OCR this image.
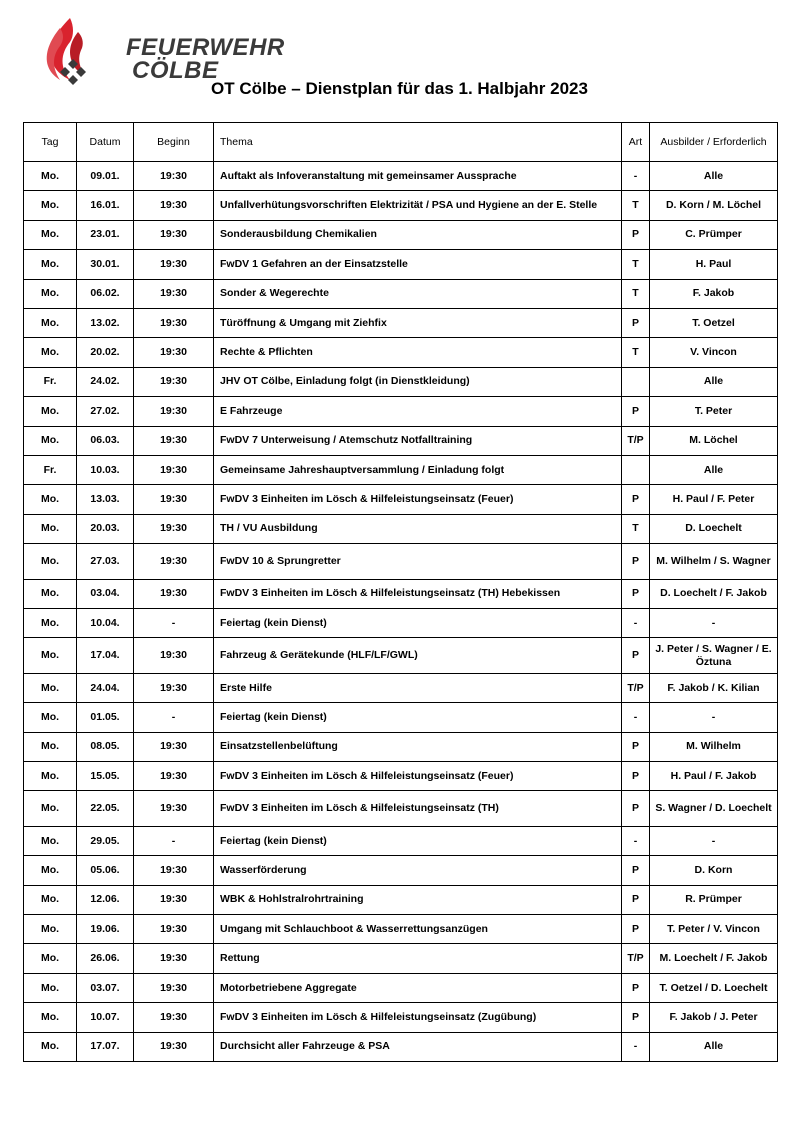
FEUERWEHR
CÖLBE
OT Cölbe – Dienstplan für das 1. Halbjahr 2023
Tag	Datum	Beginn	Thema	Art	Ausbilder / Erforderlich
Mo.	09.01.	19:30	Auftakt als Infoveranstaltung mit gemeinsamer Aussprache	-	Alle
Mo.	16.01.	19:30	Unfallverhütungsvorschriften Elektrizität / PSA und Hygiene an der E. Stelle	T	D. Korn / M. Löchel
Mo.	23.01.	19:30	Sonderausbildung Chemikalien	P	C. Prümper
Mo.	30.01.	19:30	FwDV 1 Gefahren an der Einsatzstelle	T	H. Paul
Mo.	06.02.	19:30	Sonder & Wegerechte	T	F. Jakob
Mo.	13.02.	19:30	Türöffnung & Umgang mit Ziehfix	P	T. Oetzel
Mo.	20.02.	19:30	Rechte & Pflichten	T	V. Vincon
Fr.	24.02.	19:30	JHV OT Cölbe, Einladung folgt (in Dienstkleidung)		Alle
Mo.	27.02.	19:30	E Fahrzeuge	P	T. Peter
Mo.	06.03.	19:30	FwDV 7 Unterweisung / Atemschutz Notfalltraining	T/P	M. Löchel
Fr.	10.03.	19:30	Gemeinsame Jahreshauptversammlung / Einladung folgt		Alle
Mo.	13.03.	19:30	FwDV 3 Einheiten im Lösch & Hilfeleistungseinsatz (Feuer)	P	H. Paul / F. Peter
Mo.	20.03.	19:30	TH / VU Ausbildung	T	D. Loechelt
Mo.	27.03.	19:30	FwDV 10 & Sprungretter	P	M. Wilhelm / S. Wagner
Mo.	03.04.	19:30	FwDV 3 Einheiten im Lösch & Hilfeleistungseinsatz (TH) Hebekissen	P	D. Loechelt / F. Jakob
Mo.	10.04.	-	Feiertag (kein Dienst)	-	-
Mo.	17.04.	19:30	Fahrzeug & Gerätekunde (HLF/LF/GWL)	P	J. Peter / S. Wagner / E. Öztuna
Mo.	24.04.	19:30	Erste Hilfe	T/P	F. Jakob / K. Kilian
Mo.	01.05.	-	Feiertag (kein Dienst)	-	-
Mo.	08.05.	19:30	Einsatzstellenbelüftung	P	M. Wilhelm
Mo.	15.05.	19:30	FwDV 3 Einheiten im Lösch & Hilfeleistungseinsatz (Feuer)	P	H. Paul / F. Jakob
Mo.	22.05.	19:30	FwDV 3 Einheiten im Lösch & Hilfeleistungseinsatz (TH)	P	S. Wagner / D. Loechelt
Mo.	29.05.	-	Feiertag (kein Dienst)	-	-
Mo.	05.06.	19:30	Wasserförderung	P	D. Korn
Mo.	12.06.	19:30	WBK & Hohlstralrohrtraining	P	R. Prümper
Mo.	19.06.	19:30	Umgang mit Schlauchboot & Wasserrettungsanzügen	P	T. Peter / V. Vincon
Mo.	26.06.	19:30	Rettung	T/P	M. Loechelt / F. Jakob
Mo.	03.07.	19:30	Motorbetriebene Aggregate	P	T. Oetzel / D. Loechelt
Mo.	10.07.	19:30	FwDV 3 Einheiten im Lösch & Hilfeleistungseinsatz (Zugübung)	P	F. Jakob / J. Peter
Mo.	17.07.	19:30	Durchsicht aller Fahrzeuge & PSA	-	Alle
